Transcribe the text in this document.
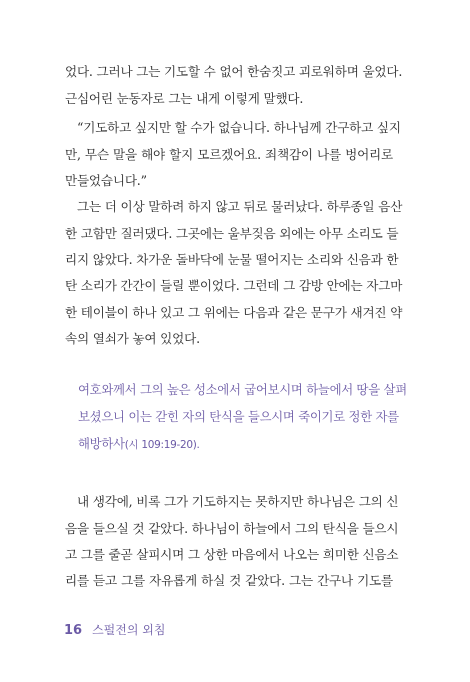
었다. 그러나 그는 기도할 수 없어 한숨짓고 괴로워하며 울었다.
근심어린 눈동자로 그는 내게 이렇게 말했다.
“기도하고 싶지만 할 수가 없습니다. 하나님께 간구하고 싶지
만, 무슨 말을 해야 할지 모르겠어요. 죄책감이 나를 벙어리로
만들었습니다.”
그는 더 이상 말하려 하지 않고 뒤로 물러났다. 하루종일 음산
한 고함만 질러댔다. 그곳에는 울부짖음 외에는 아무 소리도 들
리지 않았다. 차가운 돌바닥에 눈물 떨어지는 소리와 신음과 한
탄 소리가 간간이 들릴 뿐이었다. 그런데 그 감방 안에는 자그마
한 테이블이 하나 있고 그 위에는 다음과 같은 문구가 새겨진 약
속의 열쇠가 놓여 있었다.
여호와께서 그의 높은 성소에서 굽어보시며 하늘에서 땅을 살펴
보셨으니 이는 갇힌 자의 탄식을 들으시며 죽이기로 정한 자를
해방하사(시 109:19-20).
내 생각에, 비록 그가 기도하지는 못하지만 하나님은 그의 신
음을 들으실 것 같았다. 하나님이 하늘에서 그의 탄식을 들으시
고 그를 줄곧 살피시며 그 상한 마음에서 나오는 희미한 신음소
리를 듣고 그를 자유롭게 하실 것 같았다. 그는 간구나 기도를
16 스펄전의 외침
